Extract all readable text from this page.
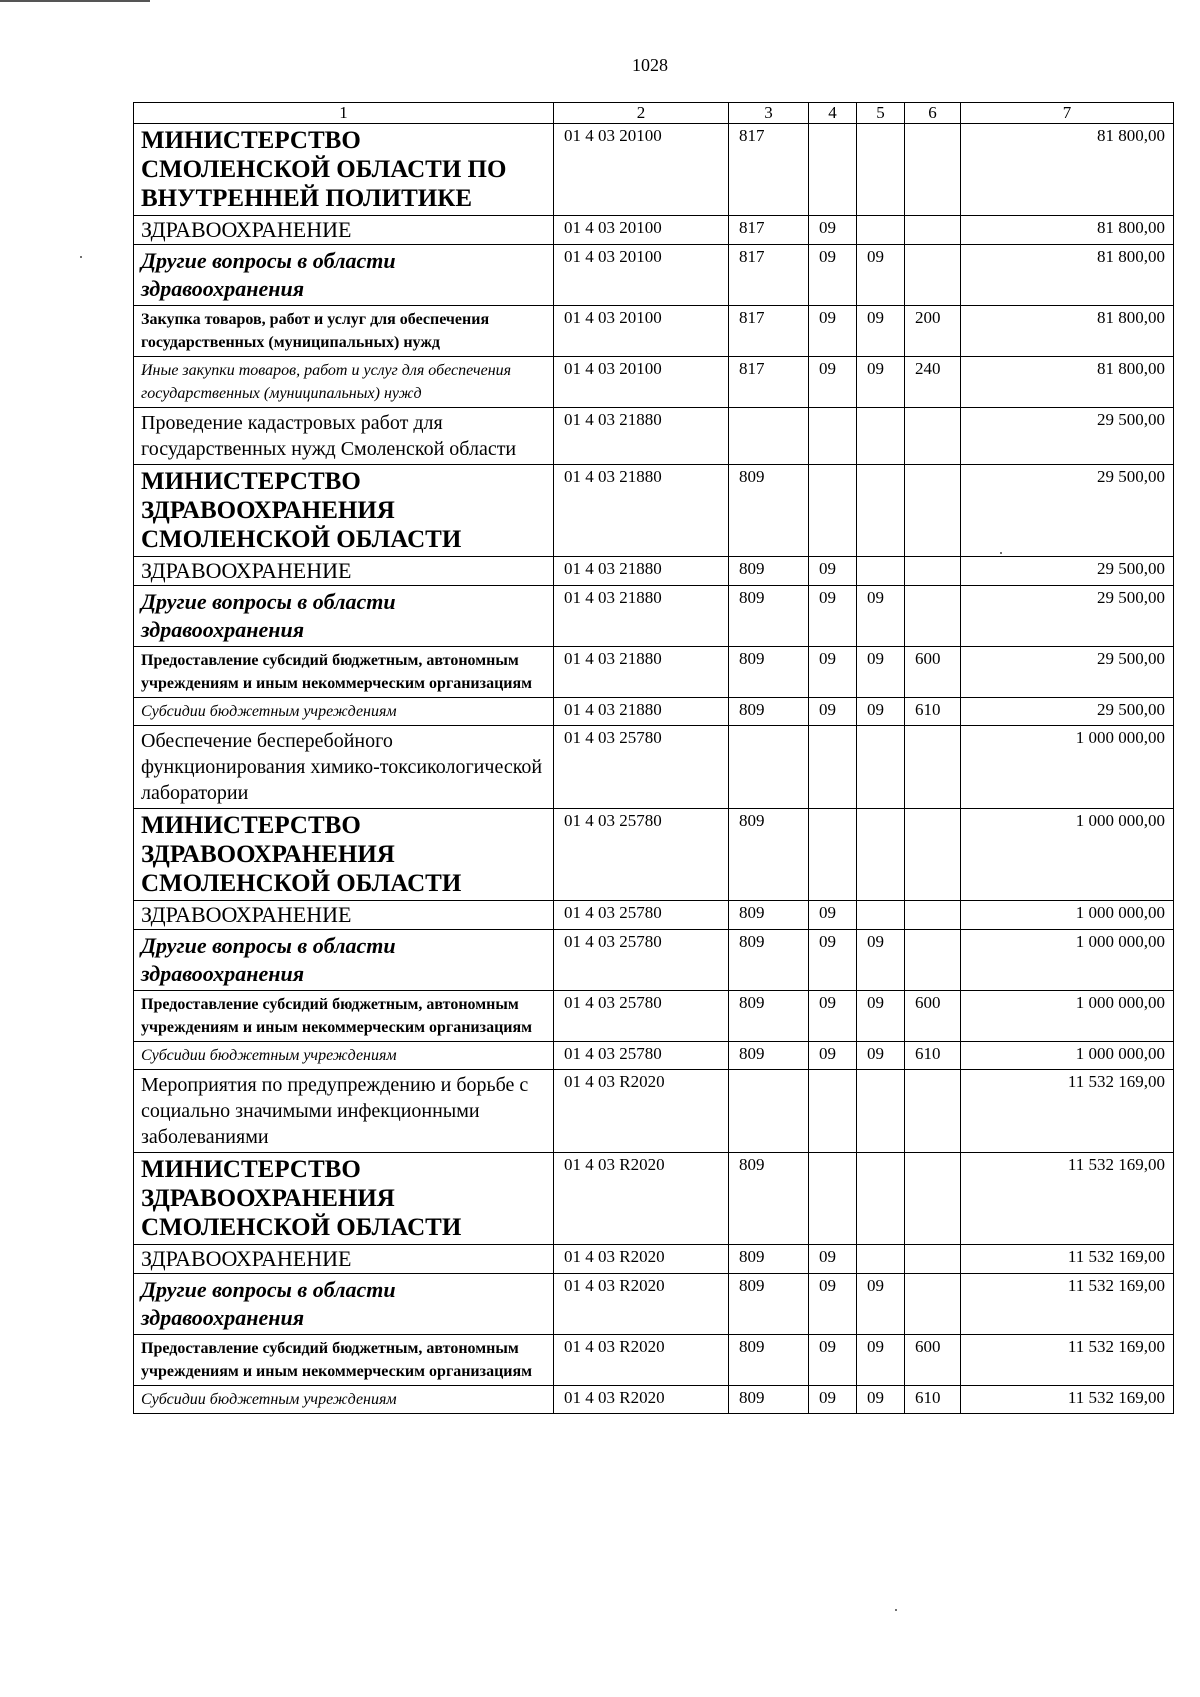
1028
1	2	3	4	5	6	7
МИНИСТЕРСТВО СМОЛЕНСКОЙ ОБЛАСТИ ПО ВНУТРЕННЕЙ ПОЛИТИКЕ	01 4 03 20100	817				81 800,00
ЗДРАВООХРАНЕНИЕ	01 4 03 20100	817	09			81 800,00
Другие вопросы в области здравоохранения	01 4 03 20100	817	09	09		81 800,00
Закупка товаров, работ и услуг для обеспечения государственных (муниципальных) нужд	01 4 03 20100	817	09	09	200	81 800,00
Иные закупки товаров, работ и услуг для обеспечения государственных (муниципальных) нужд	01 4 03 20100	817	09	09	240	81 800,00
Проведение кадастровых работ для государственных нужд Смоленской области	01 4 03 21880					29 500,00
МИНИСТЕРСТВО ЗДРАВООХРАНЕНИЯ СМОЛЕНСКОЙ ОБЛАСТИ	01 4 03 21880	809				29 500,00
ЗДРАВООХРАНЕНИЕ	01 4 03 21880	809	09			29 500,00
Другие вопросы в области здравоохранения	01 4 03 21880	809	09	09		29 500,00
Предоставление субсидий бюджетным, автономным учреждениям и иным некоммерческим организациям	01 4 03 21880	809	09	09	600	29 500,00
Субсидии бюджетным учреждениям	01 4 03 21880	809	09	09	610	29 500,00
Обеспечение бесперебойного функционирования химико-токсикологической лаборатории	01 4 03 25780					1 000 000,00
МИНИСТЕРСТВО ЗДРАВООХРАНЕНИЯ СМОЛЕНСКОЙ ОБЛАСТИ	01 4 03 25780	809				1 000 000,00
ЗДРАВООХРАНЕНИЕ	01 4 03 25780	809	09			1 000 000,00
Другие вопросы в области здравоохранения	01 4 03 25780	809	09	09		1 000 000,00
Предоставление субсидий бюджетным, автономным учреждениям и иным некоммерческим организациям	01 4 03 25780	809	09	09	600	1 000 000,00
Субсидии бюджетным учреждениям	01 4 03 25780	809	09	09	610	1 000 000,00
Мероприятия по предупреждению и борьбе с социально значимыми инфекционными заболеваниями	01 4 03 R2020					11 532 169,00
МИНИСТЕРСТВО ЗДРАВООХРАНЕНИЯ СМОЛЕНСКОЙ ОБЛАСТИ	01 4 03 R2020	809				11 532 169,00
ЗДРАВООХРАНЕНИЕ	01 4 03 R2020	809	09			11 532 169,00
Другие вопросы в области здравоохранения	01 4 03 R2020	809	09	09		11 532 169,00
Предоставление субсидий бюджетным, автономным учреждениям и иным некоммерческим организациям	01 4 03 R2020	809	09	09	600	11 532 169,00
Субсидии бюджетным учреждениям	01 4 03 R2020	809	09	09	610	11 532 169,00
